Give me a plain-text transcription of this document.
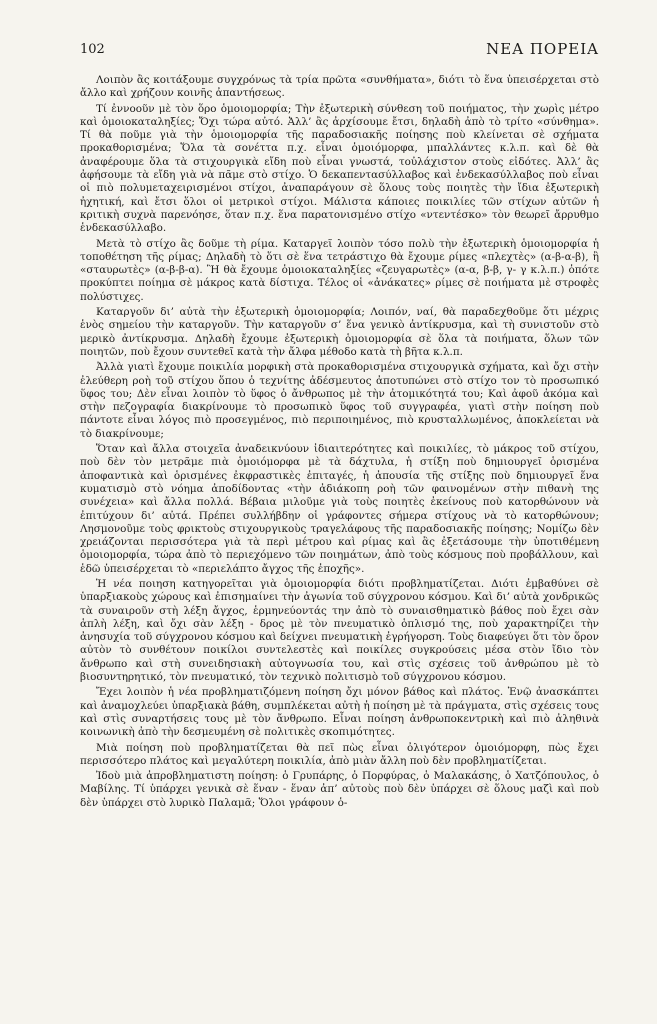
102	ΝΕΑ ΠΟΡΕΙΑ

Λοιπὸν ἂς κοιτάξουμε συγχρόνως τὰ τρία πρῶτα «συνθήματα», διότι τὸ ἕνα ὑπεισέρχεται στὸ ἄλλο καὶ χρήζουν κοινῆς ἀπαντήσεως.

Τί ἐννοοῦν μὲ τὸν ὅρο ὁμοιομορφία; Τὴν ἐξωτερικὴ σύνθεση τοῦ ποιήματος, τὴν χωρὶς μέτρο καὶ ὁμοιοκαταληξίες; Ὄχι τώρα αὐτό. Ἀλλ’ ἂς ἀρχίσουμε ἔτσι, δηλαδὴ ἀπὸ τὸ τρίτο «σύνθημα». Τί θὰ ποῦμε γιὰ τὴν ὁμοιομορφία τῆς παραδοσιακῆς ποίησης ποὺ κλείνεται σὲ σχήματα προκαθορισμένα; Ὅλα τὰ σονέττα π.χ. εἶναι ὁμοιόμορφα, μπαλλάντες κ.λ.π. καὶ δὲ θὰ ἀναφέρουμε ὅλα τὰ στιχουργικὰ εἴδη ποὺ εἶναι γνωστά, τοὐλάχιστον στοὺς εἰδότες. Ἀλλ’ ἂς ἀφήσουμε τὰ εἴδη γιὰ νὰ πᾶμε στὸ στίχο. Ὁ δεκαπεντασύλλαβος καὶ ἑνδεκασύλλαβος ποὺ εἶναι οἱ πιὸ πολυμεταχειρισμένοι στίχοι, ἀναπαράγουν σὲ ὅλους τοὺς ποιητὲς τὴν ἴδια ἐξωτερικὴ ἠχητική, καὶ ἔτσι ὅλοι οἱ μετρικοὶ στίχοι. Μάλιστα κάποιες ποικιλίες τῶν στίχων αὐτῶν ἡ κριτικὴ συχνὰ παρενόησε, ὅταν π.χ. ἕνα παρατονισμένο στίχο «ντεντέσκο» τὸν θεωρεῖ ἄρρυθμο ἑνδεκασύλλαβο.

Μετὰ τὸ στίχο ἂς δοῦμε τὴ ρίμα. Καταργεῖ λοιπὸν τόσο πολὺ τὴν ἐξωτερικὴ ὁμοιομορφία ἡ τοποθέτηση τῆς ρίμας; Δηλαδὴ τὸ ὅτι σὲ ἕνα τετράστιχο θὰ ἔχουμε ρίμες «πλεχτὲς» (α-β-α-β), ἢ «σταυρωτὲς» (α-β-β-α). Ἢ θὰ ἔχουμε ὁμοιοκαταληξίες «ζευγαρωτὲς» (α-α, β-β, γ- γ κ.λ.π.) ὁπότε προκύπτει ποίημα σὲ μάκρος κατὰ δίστιχα. Τέλος οἱ «ἀνάκατες» ρίμες σὲ ποιήματα μὲ στροφὲς πολύστιχες.

Καταργοῦν δι’ αὐτὰ τὴν ἐξωτερικὴ ὁμοιομορφία; Λοιπόν, ναί, θὰ παραδεχθοῦμε ὅτι μέχρις ἑνὸς σημείου τὴν καταργοῦν. Τὴν καταργοῦν σ’ ἕνα γενικὸ ἀντίκρυσμα, καὶ τὴ συνιστοῦν στὸ μερικὸ ἀντίκρυσμα. Δηλαδὴ ἔχουμε ἐξωτερικὴ ὁμοιομορφία σὲ ὅλα τὰ ποιήματα, ὅλων τῶν ποιητῶν, ποὺ ἔχουν συντεθεῖ κατὰ τὴν ἄλφα μέθοδο κατὰ τὴ βῆτα κ.λ.π.

Ἀλλὰ γιατὶ ἔχουμε ποικιλία μορφικὴ στὰ προκαθορισμένα στιχουργικὰ σχήματα, καὶ ὄχι στὴν ἐλεύθερη ροὴ τοῦ στίχου ὅπου ὁ τεχνίτης ἀδέσμευτος ἀποτυπώνει στὸ στίχο τον τὸ προσωπικό ὕφος του; Δὲν εἶναι λοιπὸν τὸ ὕφος ὁ ἄνθρωπος μὲ τὴν ἀτομικότητά του; Καὶ ἀφοῦ ἀκόμα καὶ στὴν πεζογραφία διακρίνουμε τὸ προσωπικὸ ὕφος τοῦ συγγραφέα, γιατὶ στὴν ποίηση ποὺ πάντοτε εἶναι λόγος πιὸ προσεγμένος, πιὸ περιποιημένος, πιὸ κρυσταλλωμένος, ἀποκλείεται νὰ τὸ διακρίνουμε;

Ὅταν καὶ ἄλλα στοιχεῖα ἀναδεικνύουν ἰδιαιτερότητες καὶ ποικιλίες, τὸ μάκρος τοῦ στίχου, ποὺ δὲν τὸν μετρᾶμε πιὰ ὁμοιόμορφα μὲ τὰ δάχτυλα, ἡ στίξη ποὺ δημιουργεῖ ὁρισμένα ἀποφαντικὰ καὶ ὁρισμένες ἐκφραστικὲς ἐπιταγές, ἡ ἀπουσία τῆς στίξης ποὺ δημιουργεῖ ἕνα κυματισμὸ στὸ νόημα ἀποδίδοντας «τὴν ἀδιάκοπη ροὴ τῶν φαινομένων στὴν πιθανὴ της συνέχεια» καὶ ἄλλα πολλά. Βέβαια μιλοῦμε γιὰ τοὺς ποιητὲς ἐκείνους ποὺ κατορθώνουν νὰ ἐπιτύχουν δι’ αὐτά. Πρέπει συλλήβδην οἱ γράφοντες σήμερα στίχους νὰ τὸ κατορθώνουν; Λησμονοῦμε τοὺς φρικτοὺς στιχουργικοὺς τραγελάφους τῆς παραδοσιακῆς ποίησης; Νομίζω δὲν χρειάζονται περισσότερα γιὰ τὰ περὶ μέτρου καὶ ρίμας καὶ ἂς ἐξετάσουμε τὴν ὑποτιθέμενη ὁμοιομορφία, τώρα ἀπὸ τὸ περιεχόμενο τῶν ποιημάτων, ἀπὸ τοὺς κόσμους ποὺ προβάλλουν, καὶ ἑδῶ ὑπεισέρχεται τὸ «περιελάπτο ἄγχος τῆς ἐποχῆς».

Ἡ νέα ποιηση κατηγορεῖται γιὰ ὁμοιομορφία διότι προβληματίζεται. Διότι ἐμβαθύνει σὲ ὑπαρξιακοὺς χώρους καὶ ἐπισημαίνει τὴν ἀγωνία τοῦ σύγχρονου κόσμου. Καὶ δι’ αὐτὰ χονδρικῶς τὰ συναιροῦν στὴ λέξη ἄγχος, ἑρμηνεύοντάς την ἀπὸ τὸ συναισθηματικὸ βάθος ποὺ ἔχει σὰν ἁπλὴ λέξη, καὶ ὄχι σὰν λέξη - δρος μὲ τὸν πνευματικὸ ὁπλισμό της, ποὺ χαρακτηρίζει τὴν ἀνησυχία τοῦ σύγχρονου κόσμου καὶ δείχνει πνευματικὴ ἐγρήγορση. Τοὺς διαφεύγει ὅτι τὸν ὅρον αὐτὸν τὸ συνθέτουν ποικίλοι συντελεστὲς καὶ ποικίλες συγκρούσεις μέσα στὸν ἴδιο τὸν ἄνθρωπο καὶ στὴ συνειδησιακὴ αὐτογνωσία του, καὶ στὶς σχέσεις τοῦ ἀνθρώπου μὲ τὸ βιοσυντηρητικό, τὸν πνευματικό, τὸν τεχνικὸ πολιτισμὸ τοῦ σύγχρονου κόσμου.

Ἔχει λοιπὸν ἡ νέα προβληματιζόμενη ποίηση ὄχι μόνον βάθος καὶ πλάτος. Ἐνῷ ἀνασκάπτει καὶ ἀναμοχλεύει ὑπαρξιακὰ βάθη, συμπλέκεται αὐτὴ ἡ ποίηση μὲ τὰ πράγματα, στὶς σχέσεις τους καὶ στὶς συναρτήσεις τους μὲ τὸν ἄνθρωπο. Εἶναι ποίηση ἀνθρωποκεντρικὴ καὶ πιὸ ἀληθινὰ κοινωνικὴ ἀπὸ τὴν δεσμευμένη σὲ πολιτικὲς σκοπιμότητες.

Μιὰ ποίηση ποὺ προβληματίζεται θὰ πεῖ πὼς εἶναι ὀλιγότερον ὁμοιόμορφη, πὼς ἔχει περισσότερο πλάτος καὶ μεγαλύτερη ποικιλία, ἀπὸ μιὰν ἄλλη ποὺ δὲν προβληματίζεται.

Ἰδοὺ μιὰ ἀπροβληματιστη ποίηση: ὁ Γρυπάρης, ὁ Πορφύρας, ὁ Μαλακάσης, ὁ Χατζόπουλος, ὁ Μαβίλης. Τί ὑπάρχει γενικὰ σὲ ἕναν - ἕναν ἀπ’ αὐτοὺς ποὺ δὲν ὑπάρχει σὲ ὅλους μαζὶ καὶ ποὺ δὲν ὑπάρχει στὸ λυρικὸ Παλαμᾶ; Ὅλοι γράφουν ὁ-
